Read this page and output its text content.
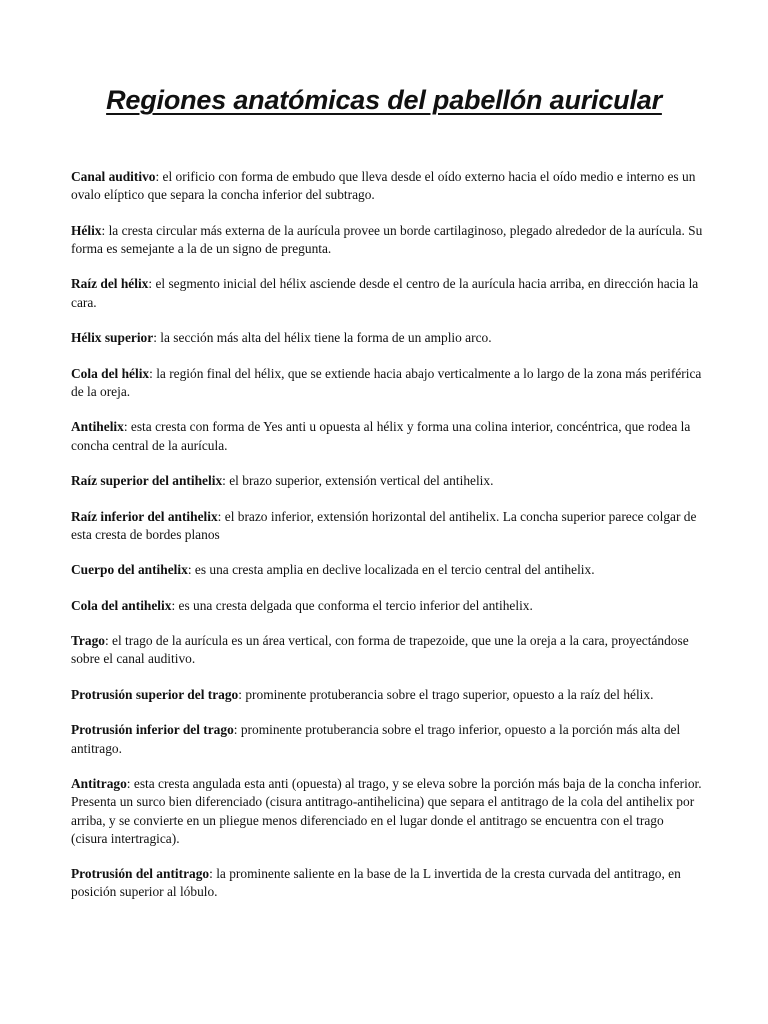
Regiones anatómicas del pabellón auricular

Canal auditivo: el orificio con forma de embudo que lleva desde el oído externo hacia el oído medio e interno es un ovalo elíptico que separa la concha inferior del subtrago.

Hélix: la cresta circular más externa de la aurícula provee un borde cartilaginoso, plegado alrededor de la aurícula. Su forma es semejante a la de un signo de pregunta.

Raíz del hélix: el segmento inicial del hélix asciende desde el centro de la aurícula hacia arriba, en dirección hacia la cara.

Hélix superior: la sección más alta del hélix tiene la forma de un amplio arco.

Cola del hélix: la región final del hélix, que se extiende hacia abajo verticalmente a lo largo de la zona más periférica de la oreja.

Antihelix: esta cresta con forma de Yes anti u opuesta al hélix y forma una colina interior, concéntrica, que rodea la concha central de la aurícula.

Raíz superior del antihelix: el brazo superior, extensión vertical del antihelix.

Raíz inferior del antihelix: el brazo inferior, extensión horizontal del antihelix. La concha superior parece colgar de esta cresta de bordes planos

Cuerpo del antihelix: es una cresta amplia en declive localizada en el tercio central del antihelix.

Cola del antihelix: es una cresta delgada que conforma el tercio inferior del antihelix.

Trago: el trago de la aurícula es un área vertical, con forma de trapezoide, que une la oreja a la cara, proyectándose sobre el canal auditivo.

Protrusión superior del trago: prominente protuberancia sobre el trago superior, opuesto a la raíz del hélix.

Protrusión inferior del trago: prominente protuberancia sobre el trago inferior, opuesto a la porción más alta del antitrago.

Antitrago: esta cresta angulada esta anti (opuesta) al trago, y se eleva sobre la porción más baja de la concha inferior. Presenta un surco bien diferenciado (cisura antitrago-antihelicina) que separa el antitrago de la cola del antihelix por arriba, y se convierte en un pliegue menos diferenciado en el lugar donde el antitrago se encuentra con el trago (cisura intertragica).

Protrusión del antitrago: la prominente saliente en la base de la L invertida de la cresta curvada del antitrago, en posición superior al lóbulo.
